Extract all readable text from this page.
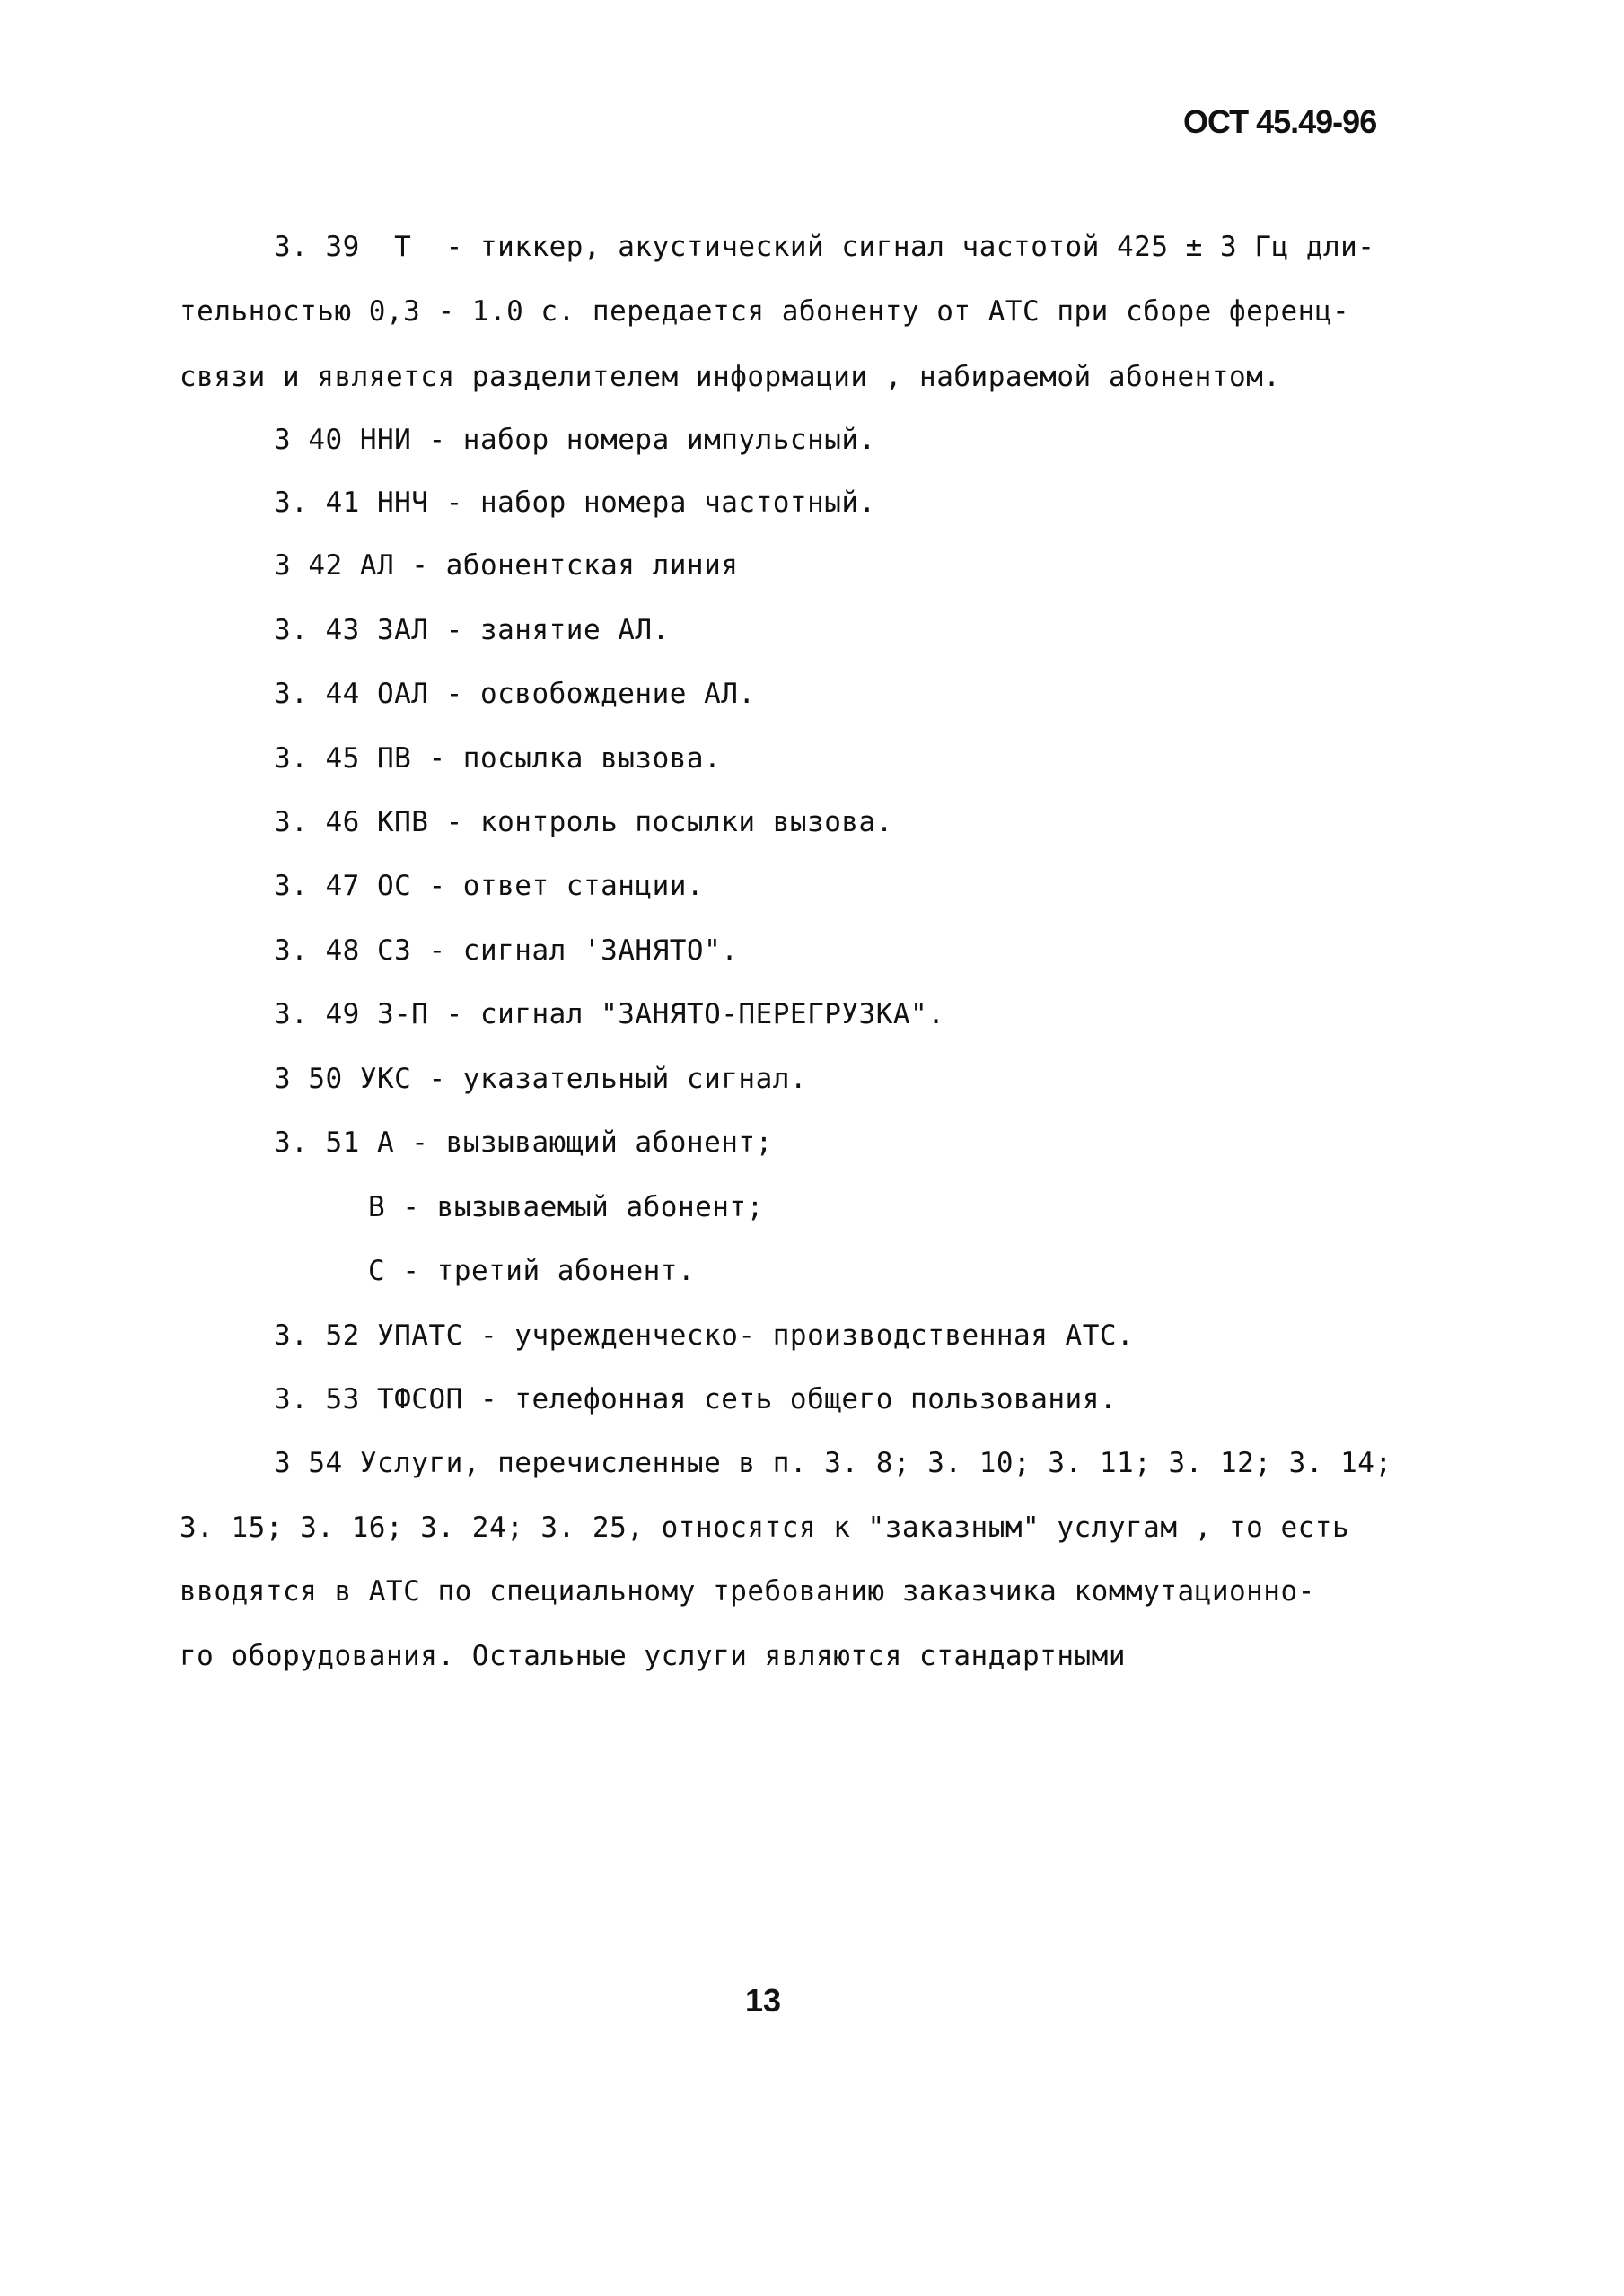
ОСТ 45.49-96
3. 39  Т  - тиккер, акустический сигнал частотой 425 ± 3 Гц дли-
тельностью 0,3 - 1.0 с. передается абоненту от АТС при сборе ференц-
связи и является разделителем информации , набираемой абонентом.
3 40 ННИ - набор номера импульсный.
3. 41 ННЧ - набор номера частотный.
3 42 АЛ - абонентская линия
3. 43 ЗАЛ - занятие АЛ.
3. 44 ОАЛ - освобождение АЛ.
3. 45 ПВ - посылка вызова.
3. 46 КПВ - контроль посылки вызова.
3. 47 ОС - ответ станции.
3. 48 СЗ - сигнал 'ЗАНЯТО".
3. 49 З-П - сигнал "ЗАНЯТО-ПЕРЕГРУЗКА".
3 50 УКС - указательный сигнал.
3. 51 А - вызывающий абонент;
В - вызываемый абонент;
С - третий абонент.
3. 52 УПАТС - учрежденческо- производственная АТС.
3. 53 ТФСОП - телефонная сеть общего пользования.
3 54 Услуги, перечисленные в п. 3. 8; 3. 10; 3. 11; 3. 12; 3. 14;
3. 15; 3. 16; 3. 24; 3. 25, относятся к "заказным" услугам , то есть
вводятся в АТС по специальному требованию заказчика коммутационно-
го оборудования. Остальные услуги являются стандартными
13
